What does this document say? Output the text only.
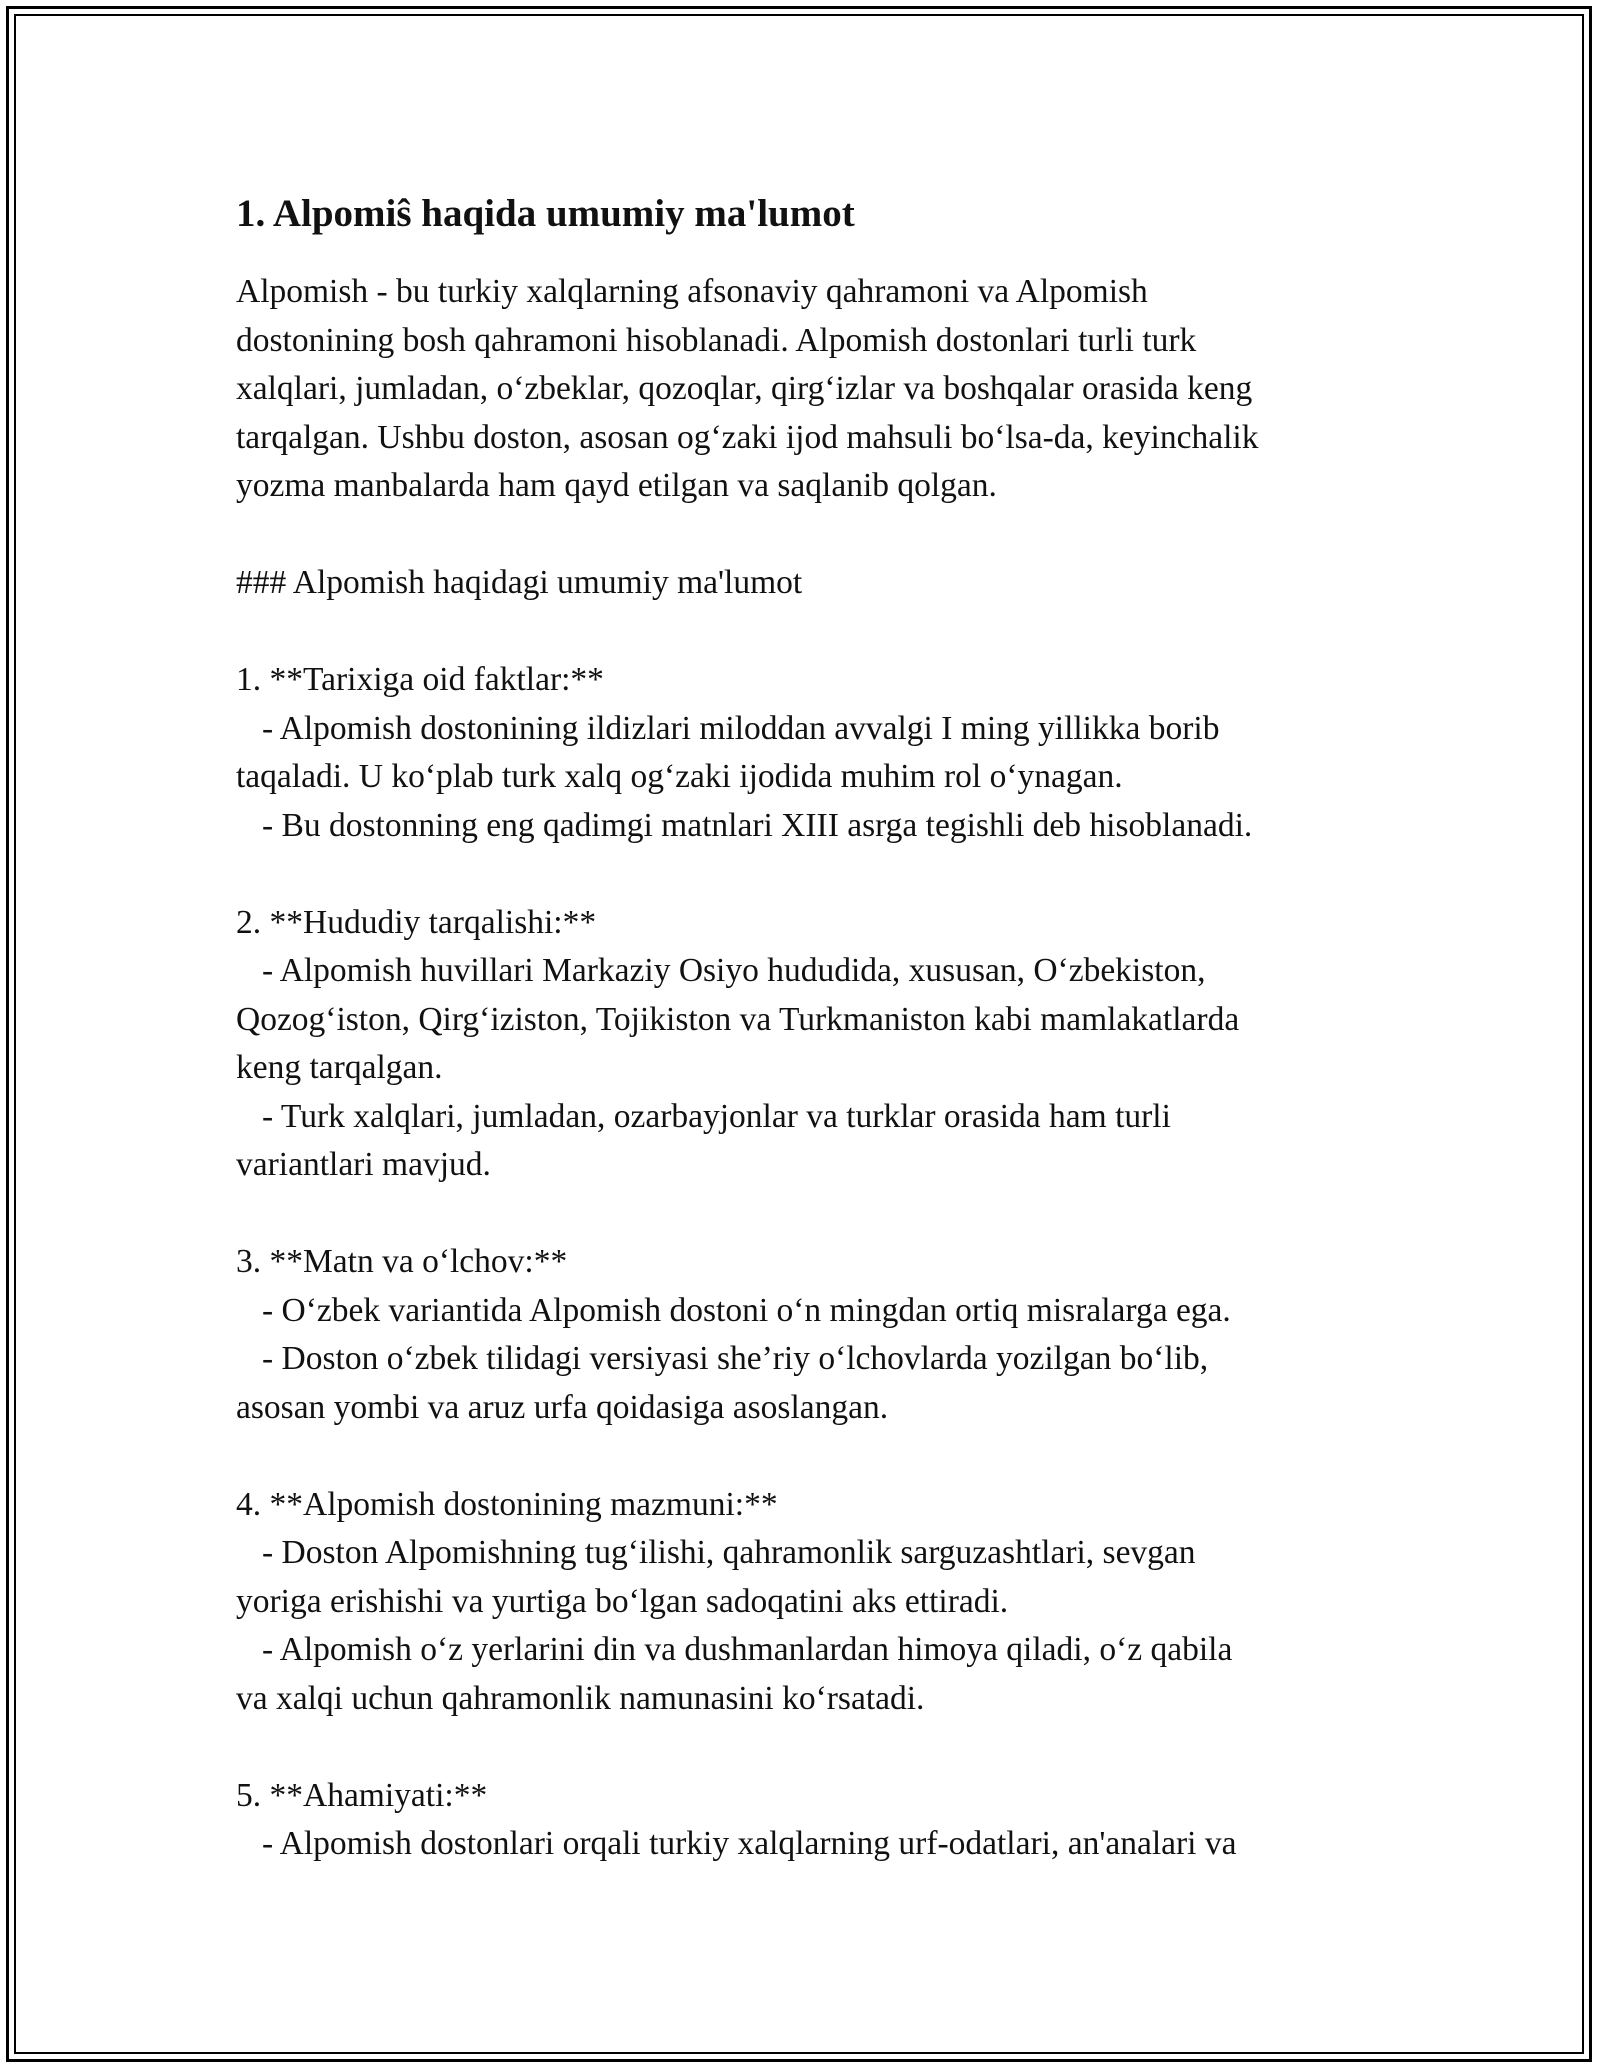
1. Alpomiŝ haqida umumiy ma'lumot
Alpomish - bu turkiy xalqlarning afsonaviy qahramoni va Alpomish
dostonining bosh qahramoni hisoblanadi. Alpomish dostonlari turli turk
xalqlari, jumladan, oʻzbeklar, qozoqlar, qirgʻizlar va boshqalar orasida keng
tarqalgan. Ushbu doston, asosan ogʻzaki ijod mahsuli boʻlsa-da, keyinchalik
yozma manbalarda ham qayd etilgan va saqlanib qolgan.
### Alpomish haqidagi umumiy ma'lumot
1. **Tarixiga oid faktlar:**
- Alpomish dostonining ildizlari miloddan avvalgi I ming yillikka borib
taqaladi. U koʻplab turk xalq ogʻzaki ijodida muhim rol oʻynagan.
- Bu dostonning eng qadimgi matnlari XIII asrga tegishli deb hisoblanadi.
2. **Hududiy tarqalishi:**
- Alpomish huvillari Markaziy Osiyo hududida, xususan, Oʻzbekiston,
Qozogʻiston, Qirgʻiziston, Tojikiston va Turkmaniston kabi mamlakatlarda
keng tarqalgan.
- Turk xalqlari, jumladan, ozarbayjonlar va turklar orasida ham turli
variantlari mavjud.
3. **Matn va oʻlchov:**
- Oʻzbek variantida Alpomish dostoni oʻn mingdan ortiq misralarga ega.
- Doston oʻzbek tilidagi versiyasi she’riy oʻlchovlarda yozilgan boʻlib,
asosan yombi va aruz urfa qoidasiga asoslangan.
4. **Alpomish dostonining mazmuni:**
- Doston Alpomishning tugʻilishi, qahramonlik sarguzashtlari, sevgan
yoriga erishishi va yurtiga boʻlgan sadoqatini aks ettiradi.
- Alpomish oʻz yerlarini din va dushmanlardan himoya qiladi, oʻz qabila
va xalqi uchun qahramonlik namunasini koʻrsatadi.
5. **Ahamiyati:**
- Alpomish dostonlari orqali turkiy xalqlarning urf-odatlari, an'analari va
